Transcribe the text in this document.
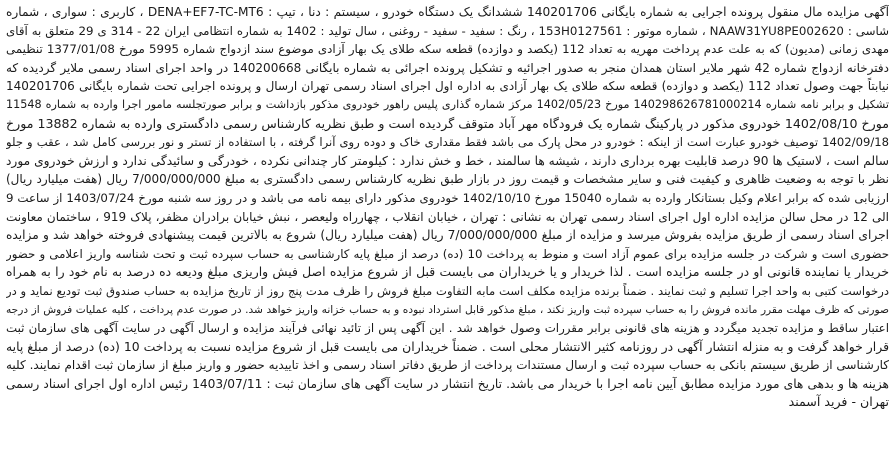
آگهی مزایده مال منقول پرونده اجرایی به شماره بایگانی 140201706 ششدانگ یک دستگاه خودرو ، سیستم : دنا ، تیپ : DENA+EF7-TC-MT6 ، کاربری : سواری ، شماره
شاسی : NAAW31YU8PE002620 ، شماره موتور : 153H0127561 ، رنگ : سفید - سفید - روغنی ، سال تولید : 1402 به شماره انتظامی ایران 22 - 314 ی 29 متعلق به آقای
مهدی زمانی (مدیون) که به علت عدم پرداخت مهریه به تعداد 112 (یکصد و دوازده) قطعه سکه طلای یک بهار آزادی موضوع سند ازدواج شماره 5995 مورخ 1377/01/08 تنظیمی
دفترخانه ازدواج شماره 42 شهر ملایر استان همدان منجر به صدور اجرائیه و تشکیل پرونده اجرائی به شماره بایگانی 140200668 در واحد اجرای اسناد رسمی ملایر گردیده که
نیابتاً جهت وصول تعداد 112 (یکصد و دوازده) قطعه سکه طلای یک بهار آزادی به اداره اول اجرای اسناد رسمی تهران ارسال و پرونده اجرایی تحت شماره بایگانی 140201706
تشکیل و برابر نامه شماره 140298626781000214 مورخ 1402/05/23 مرکز شماره گذاری پلیس راهور خودروی مذکور بازداشت و برابر صورتجلسه مامور اجرا وارده به شماره 11548
مورخ 1402/08/10 خودروی مذکور در پارکینگ شماره یک فرودگاه مهر آباد متوقف گردیده است و طبق نظریه کارشناس رسمی دادگستری وارده به شماره 13882 مورخ
1402/09/18 توصیف خودرو عبارت است از اینکه : خودرو در محل پارک می باشد فقط مقداری خاک و دوده روی آنرا گرفته ، با استفاده از تستر و نور بررسی کامل شد ، عقب و جلو
سالم است ، لاستیک ها 90 درصد قابلیت بهره برداری دارند ، شیشه ها سالمند ، خط و خش ندارد : کیلومتر کار چندانی نکرده ، خودرگی و سائیدگی ندارد و ارزش خودروی مورد
نظر با توجه به وضعیت ظاهری و کیفیت فنی و سایر مشخصات و قیمت روز در بازار طبق نظریه کارشناس رسمی دادگستری به مبلغ 7/000/000/000 ریال (هفت میلیارد ریال)
ارزیابی شده که برابر اعلام وکیل بستانکار وارده به شماره 15040 مورخ 1402/10/10 خودروی مذکور دارای بیمه نامه می باشد و در روز سه شنبه مورخ 1403/07/24 از ساعت 9
الی 12 در محل سالن مزایده اداره اول اجرای اسناد رسمی تهران به نشانی : تهران ، خیابان انقلاب ، چهارراه ولیعصر ، نبش خیابان برادران مظفر، پلاک 919 ، ساختمان معاونت
اجرای اسناد رسمی از طریق مزایده بفروش میرسد و مزایده از مبلغ 7/000/000/000 ریال (هفت میلیارد ریال) شروع به بالاترین قیمت پیشنهادی فروخته خواهد شد و مزایده
حضوری است و شرکت در جلسه مزایده برای عموم آزاد است و منوط به پرداخت 10 (ده) درصد از مبلغ پایه کارشناسی به حساب سپرده ثبت و تحت شناسه واریز اعلامی و حضور
خریدار یا نماینده قانونی او در جلسه مزایده است . لذا خریدار و یا خریداران می بایست قبل از شروع مزایده اصل فیش واریزی مبلغ ودیعه ده درصد به نام خود را به همراه
درخواست کتبی به واحد اجرا تسلیم و ثبت نمایند . ضمناً برنده مزایده مکلف است مابه التفاوت مبلغ فروش را ظرف مدت پنج روز از تاریخ مزایده به حساب صندوق ثبت تودیع نماید و در
صورتی که ظرف مهلت مقرر مانده فروش را به حساب سپرده ثبت واریز نکند ، مبلغ مذکور قابل استرداد نبوده و به حساب خزانه واریز خواهد شد. در صورت عدم پرداخت ، کلیه عملیات فروش از درجه
اعتبار ساقط و مزایده تجدید میگردد و هزینه های قانونی برابر مقررات وصول خواهد شد . این آگهی پس از تائید نهائی فرآیند مزایده و ارسال آگهی در سایت آگهی های سازمان ثبت
قرار خواهد گرفت و به منزله انتشار آگهی در روزنامه کثیر الانتشار محلی است . ضمناً خریداران می بایست قبل از شروع مزایده نسبت به پرداخت 10 (ده) درصد از مبلغ پایه
کارشناسی از طریق سیستم بانکی به حساب سپرده ثبت و ارسال مستندات پرداخت از طریق دفاتر اسناد رسمی و اخذ تاییدیه حضور و واریز مبلغ از سازمان ثبت اقدام نمایند. کلیه
هزینه ها و بدهی های مورد مزایده مطابق آیین نامه اجرا با خریدار می باشد. تاریخ انتشار در سایت آگهی های سازمان ثبت : 1403/07/11 رئیس اداره اول اجرای اسناد رسمی
تهران - فرید آسمند
